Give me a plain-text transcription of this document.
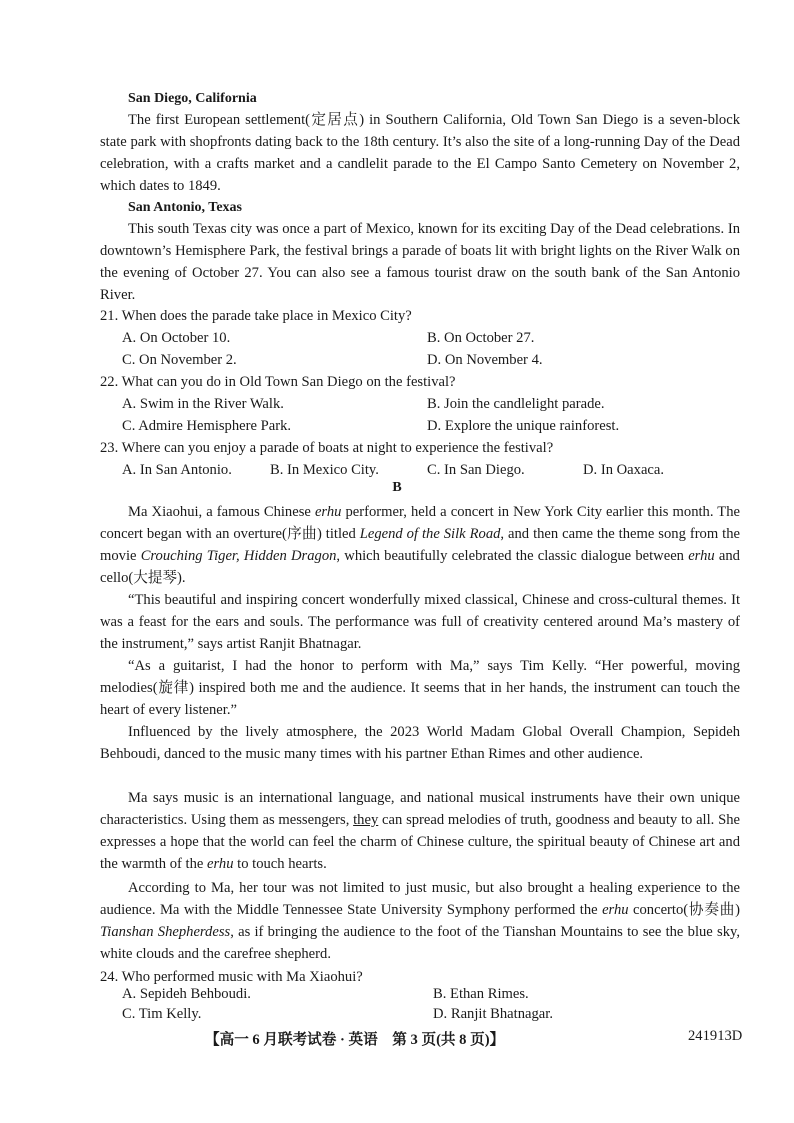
San Diego, California
The first European settlement(定居点) in Southern California, Old Town San Diego is a seven-block state park with shopfronts dating back to the 18th century. It’s also the site of a long-running Day of the Dead celebration, with a crafts market and a candlelit parade to the El Campo Santo Cemetery on November 2, which dates to 1849.
San Antonio, Texas
This south Texas city was once a part of Mexico, known for its exciting Day of the Dead celebrations. In downtown’s Hemisphere Park, the festival brings a parade of boats lit with bright lights on the River Walk on the evening of October 27. You can also see a famous tourist draw on the south bank of the San Antonio River.
21. When does the parade take place in Mexico City?
A. On October 10.	B. On October 27.
C. On November 2.	D. On November 4.
22. What can you do in Old Town San Diego on the festival?
A. Swim in the River Walk.	B. Join the candlelight parade.
C. Admire Hemisphere Park.	D. Explore the unique rainforest.
23. Where can you enjoy a parade of boats at night to experience the festival?
A. In San Antonio.	B. In Mexico City.	C. In San Diego.	D. In Oaxaca.
B
Ma Xiaohui, a famous Chinese erhu performer, held a concert in New York City earlier this month. The concert began with an overture(序曲) titled Legend of the Silk Road, and then came the theme song from the movie Crouching Tiger, Hidden Dragon, which beautifully celebrated the classic dialogue between erhu and cello(大提琴).
“This beautiful and inspiring concert wonderfully mixed classical, Chinese and cross-cultural themes. It was a feast for the ears and souls. The performance was full of creativity centered around Ma’s mastery of the instrument,” says artist Ranjit Bhatnagar.
“As a guitarist, I had the honor to perform with Ma,” says Tim Kelly. “Her powerful, moving melodies(旋律) inspired both me and the audience. It seems that in her hands, the instrument can touch the heart of every listener.”
Influenced by the lively atmosphere, the 2023 World Madam Global Overall Champion, Sepideh Behboudi, danced to the music many times with his partner Ethan Rimes and other audience.
Ma says music is an international language, and national musical instruments have their own unique characteristics. Using them as messengers, they can spread melodies of truth, goodness and beauty to all. She expresses a hope that the world can feel the charm of Chinese culture, the spiritual beauty of Chinese art and the warmth of the erhu to touch hearts.
According to Ma, her tour was not limited to just music, but also brought a healing experience to the audience. Ma with the Middle Tennessee State University Symphony performed the erhu concerto(协奏曲) Tianshan Shepherdess, as if bringing the audience to the foot of the Tianshan Mountains to see the blue sky, white clouds and the carefree shepherd.
24. Who performed music with Ma Xiaohui?
A. Sepideh Behboudi.	B. Ethan Rimes.
【高一 6 月联考试卷 · 英语　第 3 页(共 8 页)】	241913D
C. Tim Kelly.	D. Ranjit Bhatnagar.
